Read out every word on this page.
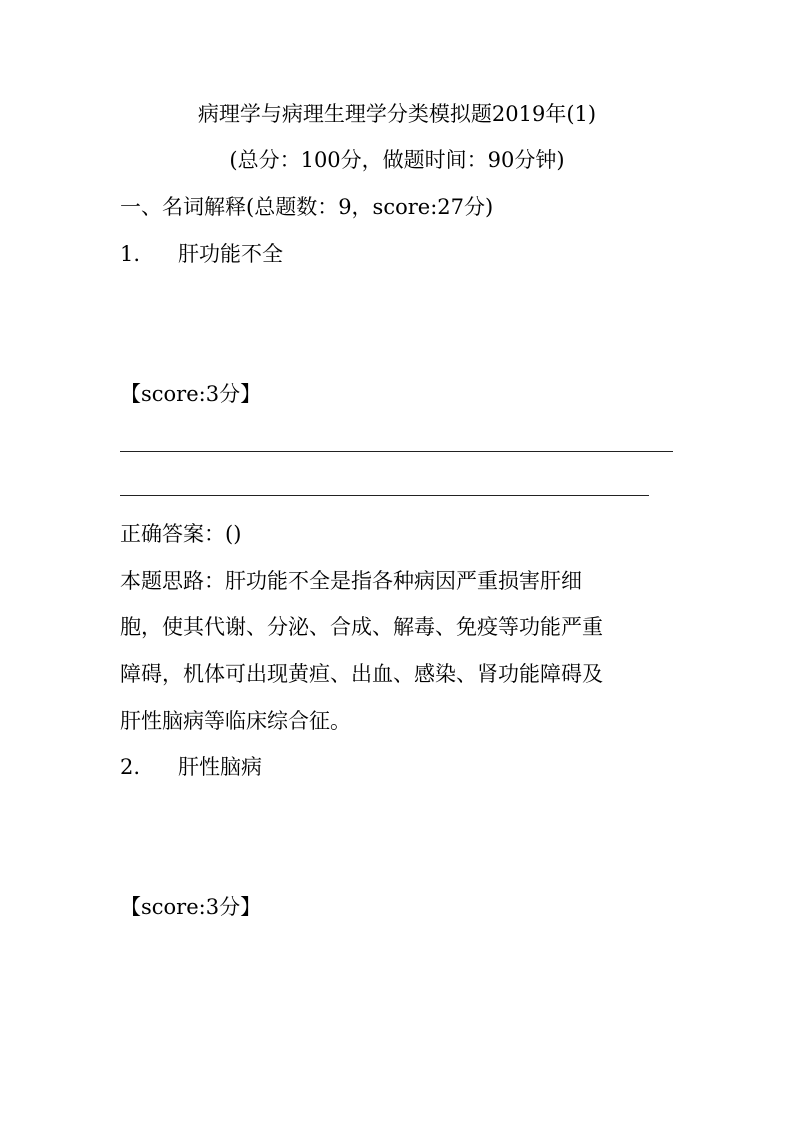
病理学与病理生理学分类模拟题2019年(1)
(总分：100分，做题时间：90分钟)
一、名词解释(总题数：9，score:27分)
1. 肝功能不全
【score:3分】
正确答案：()
本题思路：肝功能不全是指各种病因严重损害肝细
胞，使其代谢、分泌、合成、解毒、免疫等功能严重
障碍，机体可出现黄疸、出血、感染、肾功能障碍及
肝性脑病等临床综合征。
2. 肝性脑病
【score:3分】
